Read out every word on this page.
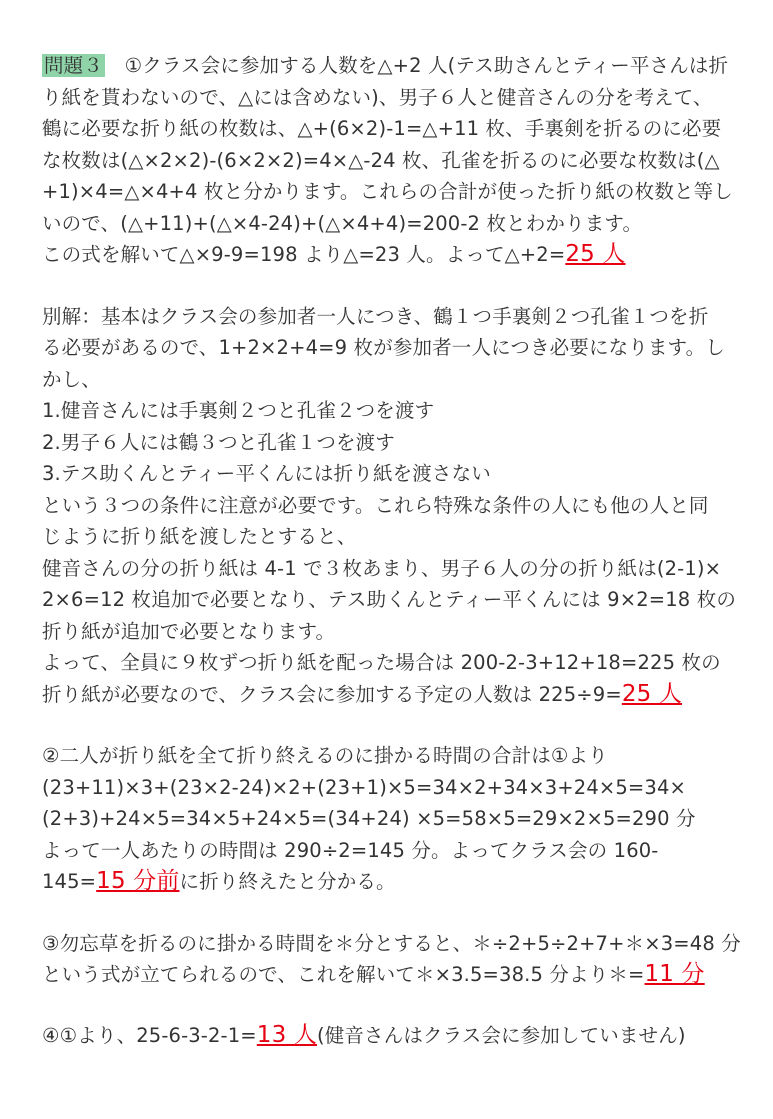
問題３　①クラス会に参加する人数を△+2 人(テス助さんとティー平さんは折
り紙を貰わないので、△には含めない)、男子６人と健音さんの分を考えて、
鶴に必要な折り紙の枚数は、△+(6×2)-1=△+11 枚、手裏剣を折るのに必要
な枚数は(△×2×2)-(6×2×2)=4×△-24 枚、孔雀を折るのに必要な枚数は(△
+1)×4=△×4+4 枚と分かります。これらの合計が使った折り紙の枚数と等し
いので、(△+11)+(△×4-24)+(△×4+4)=200-2 枚とわかります。
この式を解いて△×9-9=198 より△=23 人。よって△+2=25 人
別解：基本はクラス会の参加者一人につき、鶴１つ手裏剣２つ孔雀１つを折
る必要があるので、1+2×2+4=9 枚が参加者一人につき必要になります。し
かし、
1.健音さんには手裏剣２つと孔雀２つを渡す
2.男子６人には鶴３つと孔雀１つを渡す
3.テス助くんとティー平くんには折り紙を渡さない
という３つの条件に注意が必要です。これら特殊な条件の人にも他の人と同
じように折り紙を渡したとすると、
健音さんの分の折り紙は 4-1 で３枚あまり、男子６人の分の折り紙は(2-1)×
2×6=12 枚追加で必要となり、テス助くんとティー平くんには 9×2=18 枚の
折り紙が追加で必要となります。
よって、全員に９枚ずつ折り紙を配った場合は 200-2-3+12+18=225 枚の
折り紙が必要なので、クラス会に参加する予定の人数は 225÷9=25 人
②二人が折り紙を全て折り終えるのに掛かる時間の合計は①より
(23+11)×3+(23×2-24)×2+(23+1)×5=34×2+34×3+24×5=34×
(2+3)+24×5=34×5+24×5=(34+24) ×5=58×5=29×2×5=290 分
よって一人あたりの時間は 290÷2=145 分。よってクラス会の 160-
145=15 分前に折り終えたと分かる。
③勿忘草を折るのに掛かる時間を＊分とすると、＊÷2+5÷2+7+＊×3=48 分
という式が立てられるので、これを解いて＊×3.5=38.5 分より＊=11 分
④①より、25-6-3-2-1=13 人(健音さんはクラス会に参加していません)
